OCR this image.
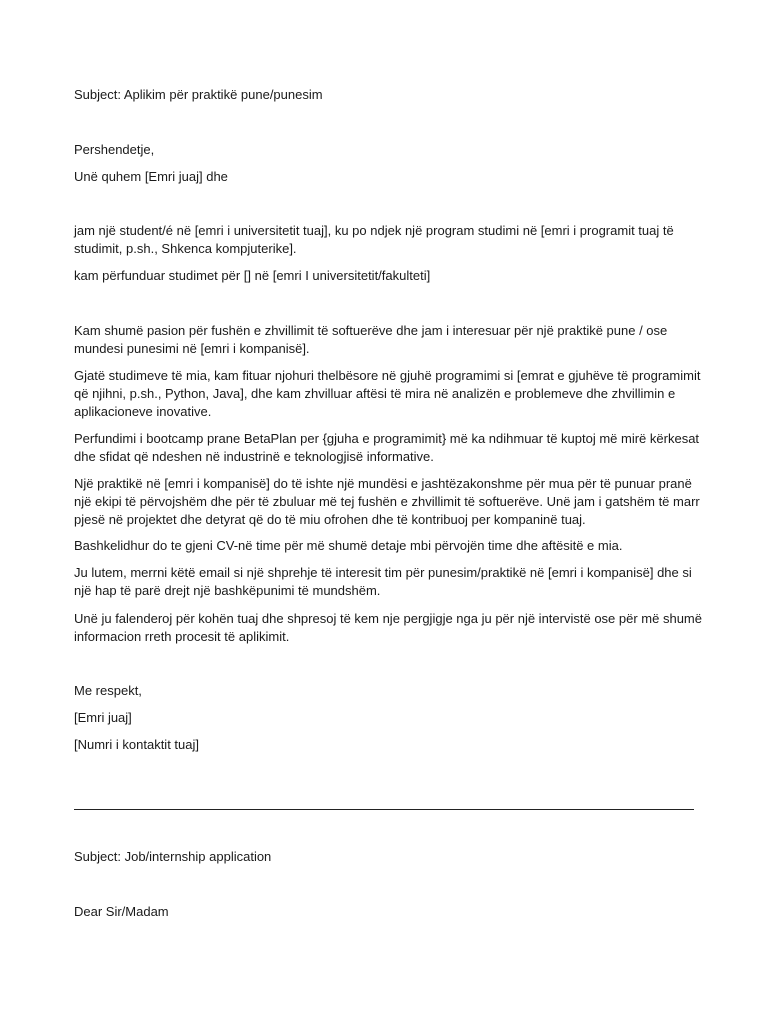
Subject: Aplikim për praktikë pune/punesim

Pershendetje,

Unë quhem [Emri juaj] dhe

jam një student/é në [emri i universitetit tuaj], ku po ndjek një program studimi në [emri i programit tuaj të studimit, p.sh., Shkenca kompjuterike].

kam përfunduar studimet për [] në [emri I universitetit/fakulteti]

Kam shumë pasion për fushën e zhvillimit të softuerëve dhe jam i interesuar për një praktikë pune / ose mundesi punesimi në [emri i kompanisë].

Gjatë studimeve të mia, kam fituar njohuri thelbësore në gjuhë programimi si [emrat e gjuhëve të programimit që njihni, p.sh., Python, Java], dhe kam zhvilluar aftësi të mira në analizën e problemeve dhe zhvillimin e aplikacioneve inovative.

Perfundimi i bootcamp prane BetaPlan per {gjuha e programimit} më ka ndihmuar të kuptoj më mirë kërkesat dhe sfidat që ndeshen në industrinë e teknologjisë informative.

Një praktikë në [emri i kompanisë] do të ishte një mundësi e jashtëzakonshme për mua për të punuar pranë një ekipi të përvojshëm dhe për të zbuluar më tej fushën e zhvillimit të softuerëve. Unë jam i gatshëm të marr pjesë në projektet dhe detyrat që do të miu ofrohen dhe të kontribuoj per kompaninë tuaj.

Bashkelidhur do te gjeni CV-në time për më shumë detaje mbi përvojën time dhe aftësitë e mia.

Ju lutem, merrni këtë email si një shprehje të interesit tim për punesim/praktikë në [emri i kompanisë] dhe si një hap të parë drejt një bashkëpunimi të mundshëm.

Unë ju falenderoj për kohën tuaj dhe shpresoj të kem nje pergjigje nga ju për një intervistë ose për më shumë informacion rreth procesit të aplikimit.

Me respekt,

[Emri juaj]

[Numri i kontaktit tuaj]

Subject: Job/internship application

Dear Sir/Madam
